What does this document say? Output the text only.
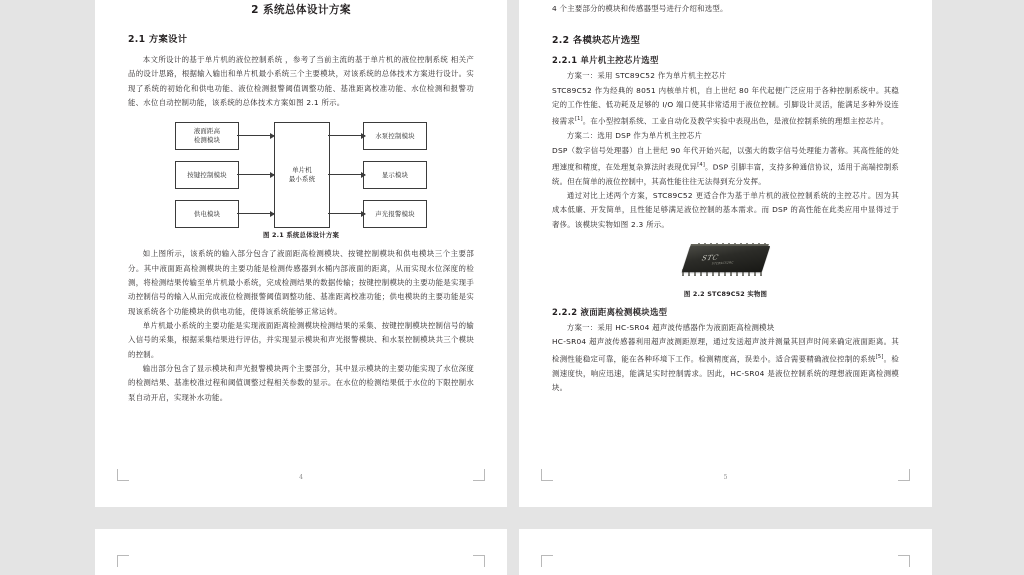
2 系统总体设计方案
2.1 方案设计

本文所设计的基于单片机的液位控制系统 ，参考了当前主流的基于单片机的液位控制系统 相关产品的设计思路，根据输入输出和单片机最小系统三个主要模块，对该系统的总体技术方案进行设计。实现了系统的初始化和供电功能、液位检测报警阈值调整功能、基准距离校准功能、水位检测和报警功能、水位自动控制功能，该系统的总体技术方案如图 2.1 所示。

液面距高
检测模块
按键控制模块
供电模块
单片机
最小系统
水泵控制模块
显示模块
声光报警模块
图 2.1 系统总体设计方案

如上图所示，该系统的输入部分包含了液面距高检测模块、按键控制模块和供电模块三个主要部分。其中液面距高检测模块的主要功能是检测传感器到水桶内部液面的距离，从而实现水位深度的检测，将检测结果传输至单片机最小系统，完成检测结果的数据传输；按键控制模块的主要功能是实现手动控制信号的输入从而完成液位检测报警阈值调整功能、基准距离校准功能；供电模块的主要功能是实现该系统各个功能模块的供电功能，使得该系统能够正常运转。

单片机最小系统的主要功能是实现液面距离检测模块检测结果的采集、按键控制模块控制信号的输入信号的采集，根据采集结果进行评估，并实现显示模块和声光报警模块、和水泵控制模块共三个模块的控制。

输出部分包含了显示模块和声光报警模块两个主要部分，其中显示模块的主要功能实现了水位深度的检测结果、基准校准过程和阈值调整过程相关参数的显示。在水位的检测结果低于水位的下限控制水泵自动开启，实现补水功能。

4

4 个主要部分的模块和传感器型号进行介绍和选型。

2.2 各模块芯片选型
2.2.1 单片机主控芯片选型

方案一：采用 STC89C52 作为单片机主控芯片

STC89C52 作为经典的 8051 内核单片机，自上世纪 80 年代起便广泛应用于各种控制系统中。其稳定的工作性能、低功耗及足够的 I/O 端口使其非常适用于液位控制。引脚设计灵活，能满足多种外设连接需求[1]。在小型控制系统、工业自动化及教学实验中表现出色，是液位控制系统的理想主控芯片。

方案二：选用 DSP 作为单片机主控芯片

DSP（数字信号处理器）自上世纪 90 年代开始兴起，以强大的数字信号处理能力著称。其高性能的处理速度和精度，在处理复杂算法时表现优异[4]。DSP 引脚丰富，支持多种通信协议，适用于高端控制系统。但在简单的液位控制中，其高性能往往无法得到充分发挥。

通过对比上述两个方案，STC89C52 更适合作为基于单片机的液位控制系统的主控芯片。因为其成本低廉、开发简单，且性能足够满足液位控制的基本需求。而 DSP 的高性能在此类应用中显得过于奢侈。该模块实物如图 2.3 所示。

STC
STC89C52RC
图 2.2 STC89C52 实物图
2.2.2 液面距离检测模块选型

方案一：采用 HC-SR04 超声波传感器作为液面距高检测模块

HC-SR04 超声波传感器利用超声波测距原理，通过发送超声波并测量其回声时间来确定液面距离。其检测性能稳定可靠，能在各种环境下工作。检测精度高，误差小。适合需要精确液位控制的系统[5]。检测速度快，响应迅速，能满足实时控制需求。因此，HC-SR04 是液位控制系统的理想液面距离检测模块。

5
